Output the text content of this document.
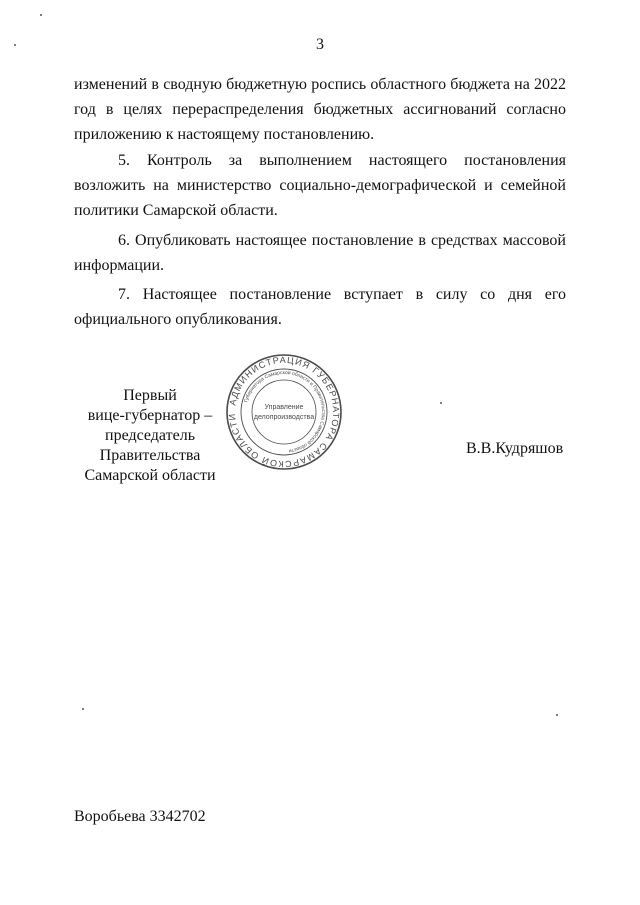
3
изменений в сводную бюджетную роспись областного бюджета на 2022 год в целях перераспределения бюджетных ассигнований согласно приложению к настоящему постановлению.
5. Контроль за выполнением настоящего постановления возложить на министерство социально-демографической и семейной политики Самарской области.
6. Опубликовать настоящее постановление в средствах массовой информации.
7. Настоящее постановление вступает в силу со дня его официального опубликования.
Первый
вице-губернатор –
председатель Правительства
Самарской области
В.В.Кудряшов
АДМИНИСТРАЦИЯ ГУБЕРНАТОРА САМАРСКОЙ ОБЛАСТИ
Губернатора Самарской области и Правительства Самарской области
Управление
делопроизводства
Воробьева 3342702
